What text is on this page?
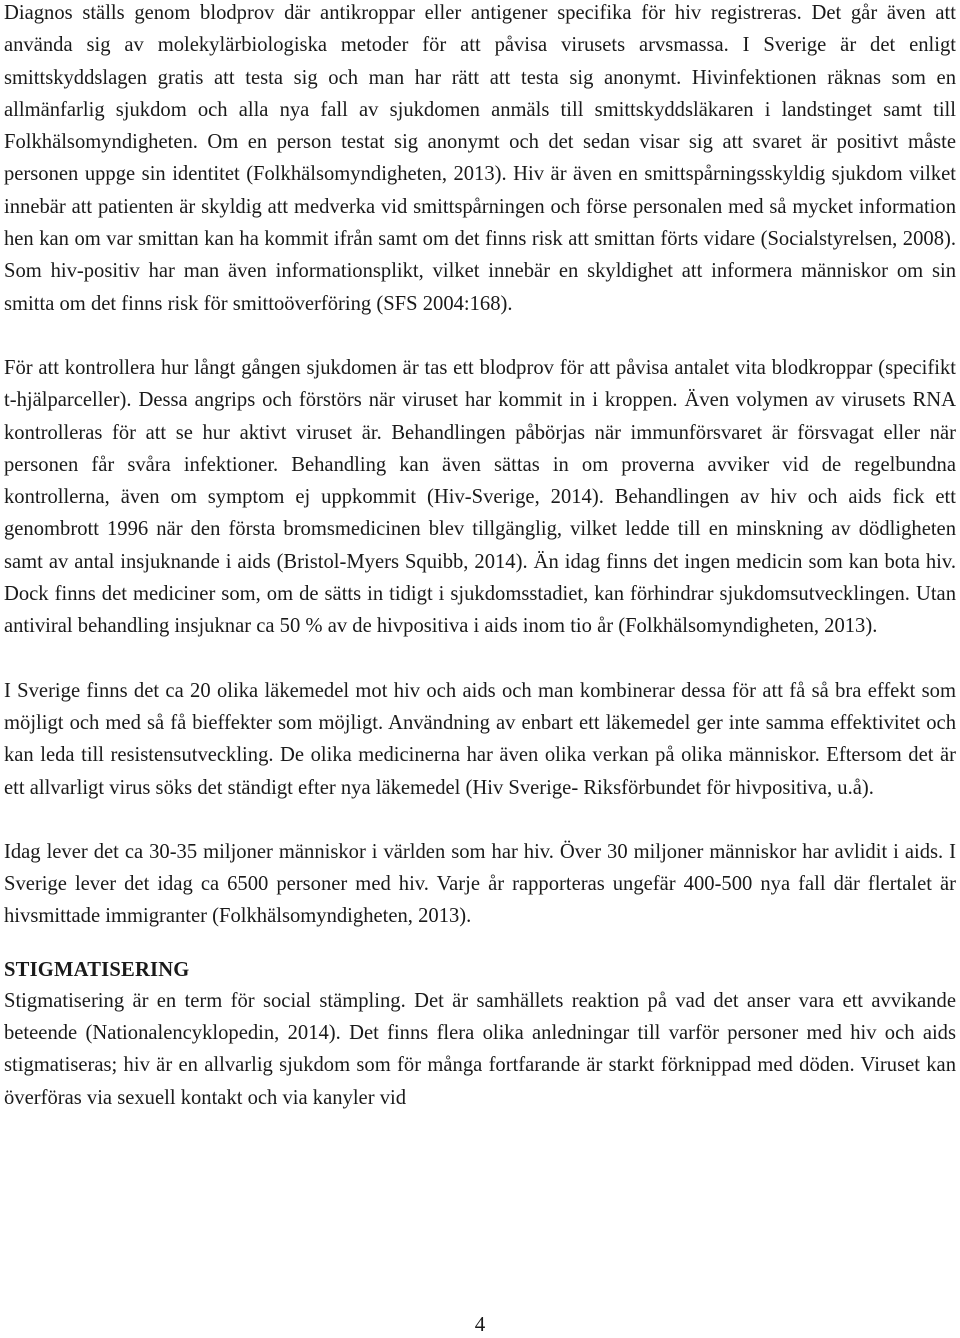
Diagnos ställs genom blodprov där antikroppar eller antigener specifika för hiv registreras. Det går även att använda sig av molekylärbiologiska metoder för att påvisa virusets arvsmassa. I Sverige är det enligt smittskyddslagen gratis att testa sig och man har rätt att testa sig anonymt. Hivinfektionen räknas som en allmänfarlig sjukdom och alla nya fall av sjukdomen anmäls till smittskyddsläkaren i landstinget samt till Folkhälsomyndigheten. Om en person testat sig anonymt och det sedan visar sig att svaret är positivt måste personen uppge sin identitet (Folkhälsomyndigheten, 2013). Hiv är även en smittspårningsskyldig sjukdom vilket innebär att patienten är skyldig att medverka vid smittspårningen och förse personalen med så mycket information hen kan om var smittan kan ha kommit ifrån samt om det finns risk att smittan förts vidare (Socialstyrelsen, 2008). Som hiv-positiv har man även informationsplikt, vilket innebär en skyldighet att informera människor om sin smitta om det finns risk för smittoöverföring (SFS 2004:168).

För att kontrollera hur långt gången sjukdomen är tas ett blodprov för att påvisa antalet vita blodkroppar (specifikt t-hjälparceller). Dessa angrips och förstörs när viruset har kommit in i kroppen. Även volymen av virusets RNA kontrolleras för att se hur aktivt viruset är. Behandlingen påbörjas när immunförsvaret är försvagat eller när personen får svåra infektioner. Behandling kan även sättas in om proverna avviker vid de regelbundna kontrollerna, även om symptom ej uppkommit (Hiv-Sverige, 2014). Behandlingen av hiv och aids fick ett genombrott 1996 när den första bromsmedicinen blev tillgänglig, vilket ledde till en minskning av dödligheten samt av antal insjuknande i aids (Bristol-Myers Squibb, 2014). Än idag finns det ingen medicin som kan bota hiv. Dock finns det mediciner som, om de sätts in tidigt i sjukdomsstadiet, kan förhindrar sjukdomsutvecklingen. Utan antiviral behandling insjuknar ca 50 % av de hivpositiva i aids inom tio år (Folkhälsomyndigheten, 2013).

I Sverige finns det ca 20 olika läkemedel mot hiv och aids och man kombinerar dessa för att få så bra effekt som möjligt och med så få bieffekter som möjligt. Användning av enbart ett läkemedel ger inte samma effektivitet och kan leda till resistensutveckling. De olika medicinerna har även olika verkan på olika människor. Eftersom det är ett allvarligt virus söks det ständigt efter nya läkemedel (Hiv Sverige- Riksförbundet för hivpositiva, u.å).

Idag lever det ca 30-35 miljoner människor i världen som har hiv. Över 30 miljoner människor har avlidit i aids. I Sverige lever det idag ca 6500 personer med hiv. Varje år rapporteras ungefär 400-500 nya fall där flertalet är hivsmittade immigranter (Folkhälsomyndigheten, 2013).

STIGMATISERING

Stigmatisering är en term för social stämpling. Det är samhällets reaktion på vad det anser vara ett avvikande beteende (Nationalencyklopedin, 2014). Det finns flera olika anledningar till varför personer med hiv och aids stigmatiseras; hiv är en allvarlig sjukdom som för många fortfarande är starkt förknippad med döden. Viruset kan överföras via sexuell kontakt och via kanyler vid

4
